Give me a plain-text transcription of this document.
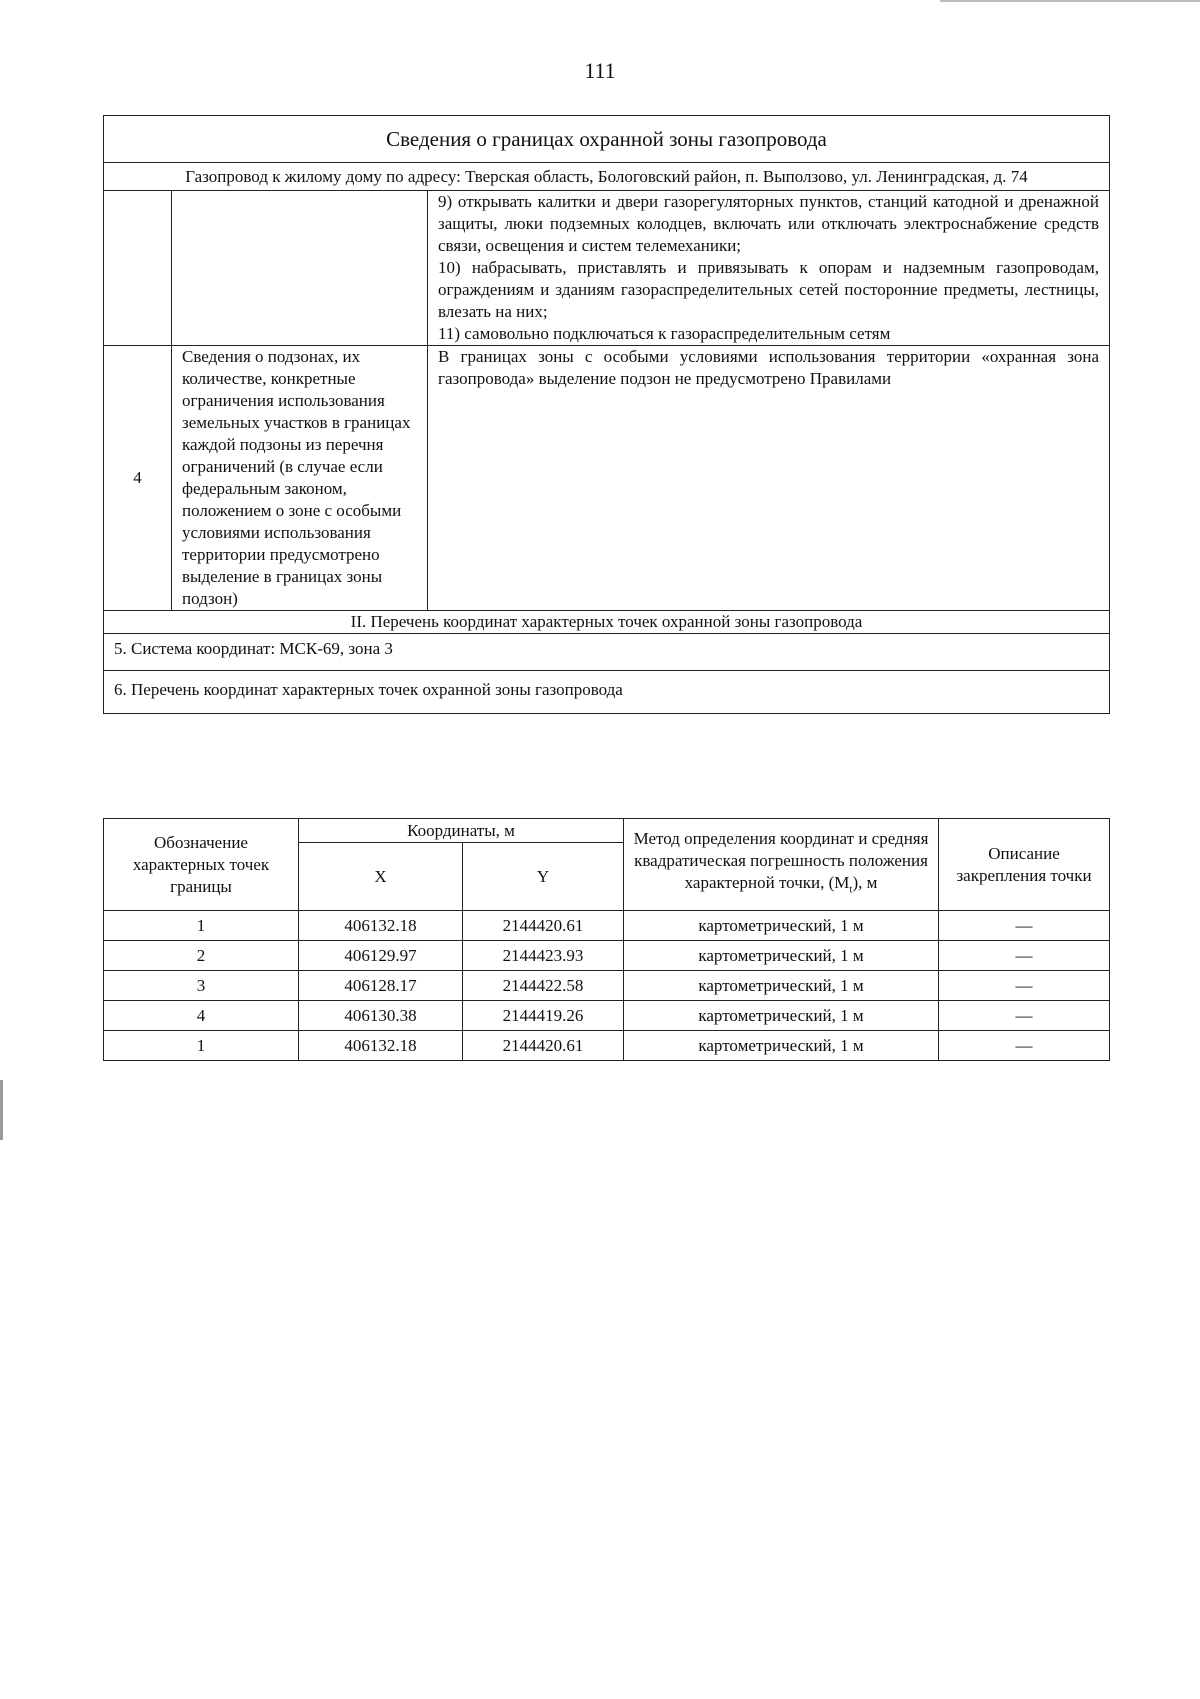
111
Сведения о границах охранной зоны газопровода		
Газопровод к жилому дому по адресу: Тверская область, Бологовский район, п. Выползово, ул. Ленинградская, д. 74		

		9) открывать калитки и двери газорегуляторных пунктов, станций катодной и дренажной защиты, люки подземных колодцев, включать или отключать электроснабжение средств связи, освещения и систем телемеханики;

10) набрасывать, приставлять и привязывать к опорам и надземным газопроводам, ограждениям и зданиям газораспределительных сетей посторонние предметы, лестницы, влезать на них;

11) самовольно подключаться к газораспределительным сетям

4	Сведения о подзонах, их количестве, конкретные ограничения использования земельных участков в границах каждой подзоны из перечня ограничений (в случае если федеральным законом, положением о зоне с особыми условиями использования территории предусмотрено выделение в границах зоны подзон)	В границах зоны с особыми условиями использования территории «охранная зона газопровода» выделение подзон не предусмотрено Правилами
II. Перечень координат характерных точек охранной зоны газопровода		
5. Система координат: МСК-69, зона 3		
6. Перечень координат характерных точек охранной зоны газопровода		
Обозначение характерных точек границы	Координаты, м		Метод определения координат и средняя квадратическая погрешность положения характерной точки, $(M_t)$, м	Описание закрепления точки
	X	Y		
1	406132.18	2144420.61	картометрический, 1 м	—
2	406129.97	2144423.93	картометрический, 1 м	—
3	406128.17	2144422.58	картометрический, 1 м	—
4	406130.38	2144419.26	картометрический, 1 м	—
1	406132.18	2144420.61	картометрический, 1 м	—
